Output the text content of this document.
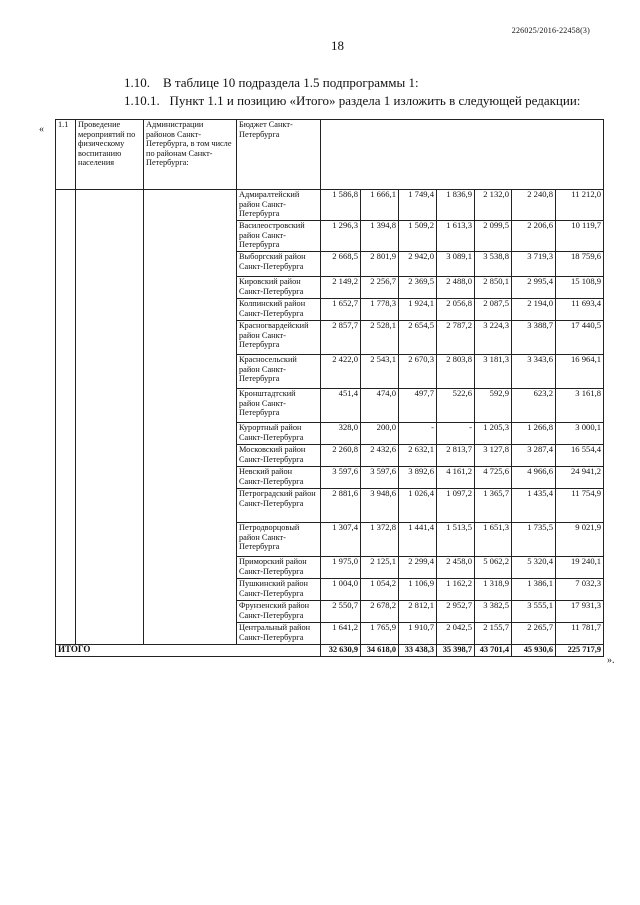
226025/2016-22458(3)
18
1.10.    В таблице 10 подраздела 1.5 подпрограммы 1:
1.10.1.   Пункт 1.1 и позицию «Итого» раздела 1 изложить в следующей редакции:
«
».
1.1	Проведение мероприятий по физическому воспитанию населения	Администрации районов Санкт-Петербурга, в том числе по районам Санкт-Петербурга:	Бюджет Санкт-Петербурга							
			Адмиралтейский район Санкт-Петербурга	1 586,8	1 666,1	1 749,4	1 836,9	2 132,0	2 240,8	11 212,0
			Василеостровский район Санкт-Петербурга	1 296,3	1 394,8	1 509,2	1 613,3	2 099,5	2 206,6	10 119,7
			Выборгский район Санкт-Петербурга	2 668,5	2 801,9	2 942,0	3 089,1	3 538,8	3 719,3	18 759,6
			Кировский район Санкт-Петербурга	2 149,2	2 256,7	2 369,5	2 488,0	2 850,1	2 995,4	15 108,9
			Колпинский район Санкт-Петербурга	1 652,7	1 778,3	1 924,1	2 056,8	2 087,5	2 194,0	11 693,4
			Красногвардейский район Санкт-Петербурга	2 857,7	2 528,1	2 654,5	2 787,2	3 224,3	3 388,7	17 440,5
			Красносельский район Санкт-Петербурга	2 422,0	2 543,1	2 670,3	2 803,8	3 181,3	3 343,6	16 964,1
			Кронштадтский район Санкт-Петербурга	451,4	474,0	497,7	522,6	592,9	623,2	3 161,8
			Курортный район Санкт-Петербурга	328,0	200,0	-	-	1 205,3	1 266,8	3 000,1
			Московский район Санкт-Петербурга	2 260,8	2 432,6	2 632,1	2 813,7	3 127,8	3 287,4	16 554,4
			Невский район Санкт-Петербурга	3 597,6	3 597,6	3 892,6	4 161,2	4 725,6	4 966,6	24 941,2
			Петроградский район Санкт-Петербурга	2 881,6	3 948,6	1 026,4	1 097,2	1 365,7	1 435,4	11 754,9
			Петродворцовый район Санкт-Петербурга	1 307,4	1 372,8	1 441,4	1 513,5	1 651,3	1 735,5	9 021,9
			Приморский район Санкт-Петербурга	1 975,0	2 125,1	2 299,4	2 458,0	5 062,2	5 320,4	19 240,1
			Пушкинский район Санкт-Петербурга	1 004,0	1 054,2	1 106,9	1 162,2	1 318,9	1 386,1	7 032,3
			Фрунзенский район Санкт-Петербурга	2 550,7	2 678,2	2 812,1	2 952,7	3 382,5	3 555,1	17 931,3
			Центральный район Санкт-Петербурга	1 641,2	1 765,9	1 910,7	2 042,5	2 155,7	2 265,7	11 781,7
ИТОГО				32 630,9	34 618,0	33 438,3	35 398,7	43 701,4	45 930,6	225 717,9
